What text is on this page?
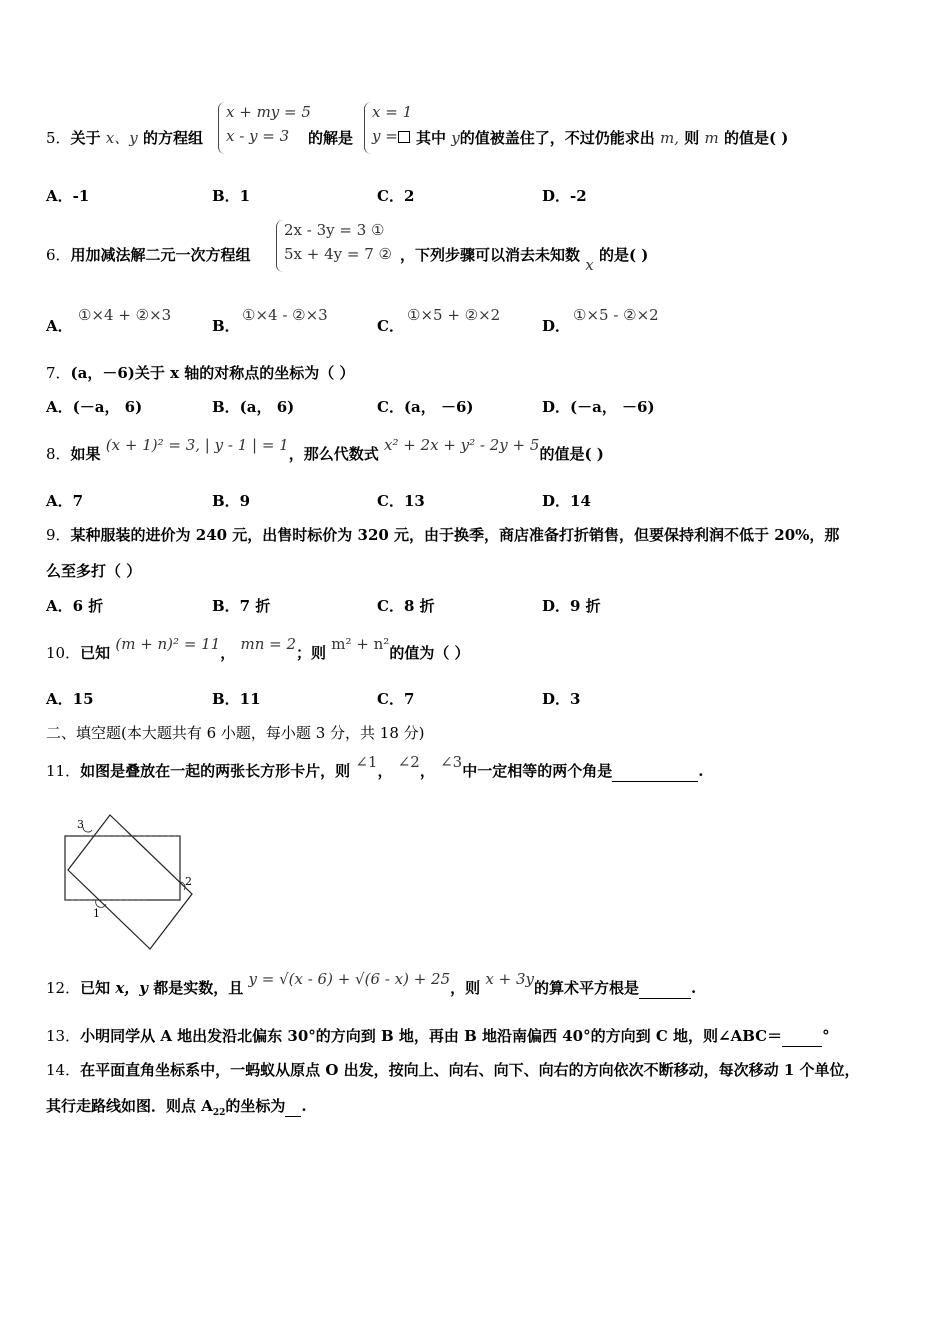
5．关于 x、y 的方程组
x + my = 5
x - y = 3	的解是
x = 1
y =	其中 y的值被盖住了，不过仍能求出 m, 则 m 的值是( )
A．-1	B．1	C．2	D．-2
6．用加减法解二元一次方程组
2x - 3y = 3 ①
5x + 4y = 7 ② ，下列步骤可以消去未知数 x 的是( )
A．
①×4 + ②×3
B．
①×4 - ②×3
C．
①×5 + ②×2
D．
①×5 - ②×2
7．(a，－6)关于 x 轴的对称点的坐标为（ ）
A．(－a， 6)	B．(a， 6)	C．(a， －6)	D．(－a， －6)
8．如果 (x + 1)² = 3, | y - 1 | = 1，那么代数式 x² + 2x + y² - 2y + 5的值是( )
A．7	B．9	C．13	D．14
9．某种服装的进价为 240 元，出售时标价为 320 元，由于换季，商店准备打折销售，但要保持利润不低于 20%，那
么至多打（ ）
A．6 折	B．7 折	C．8 折	D．9 折
10．已知 (m + n)² = 11， mn = 2；则 m² + n²的值为（ ）
A．15	B．11	C．7	D．3
二、填空题(本大题共有 6 小题，每小题 3 分，共 18 分)
11．如图是叠放在一起的两张长方形卡片，则 ∠1， ∠2， ∠3中一定相等的两个角是	.
3
2
1
12．已知 x，y 都是实数，且 y = √(x - 6) + √(6 - x) + 25，则 x + 3y的算术平方根是	.
13．小明同学从 A 地出发沿北偏东 30°的方向到 B 地，再由 B 地沿南偏西 40°的方向到 C 地，则∠ABC＝	°
14．在平面直角坐标系中，一蚂蚁从原点 O 出发，按向上、向右、向下、向右的方向依次不断移动，每次移动 1 个单位，
其行走路线如图．则点 $A_{22}$的坐标为 .
